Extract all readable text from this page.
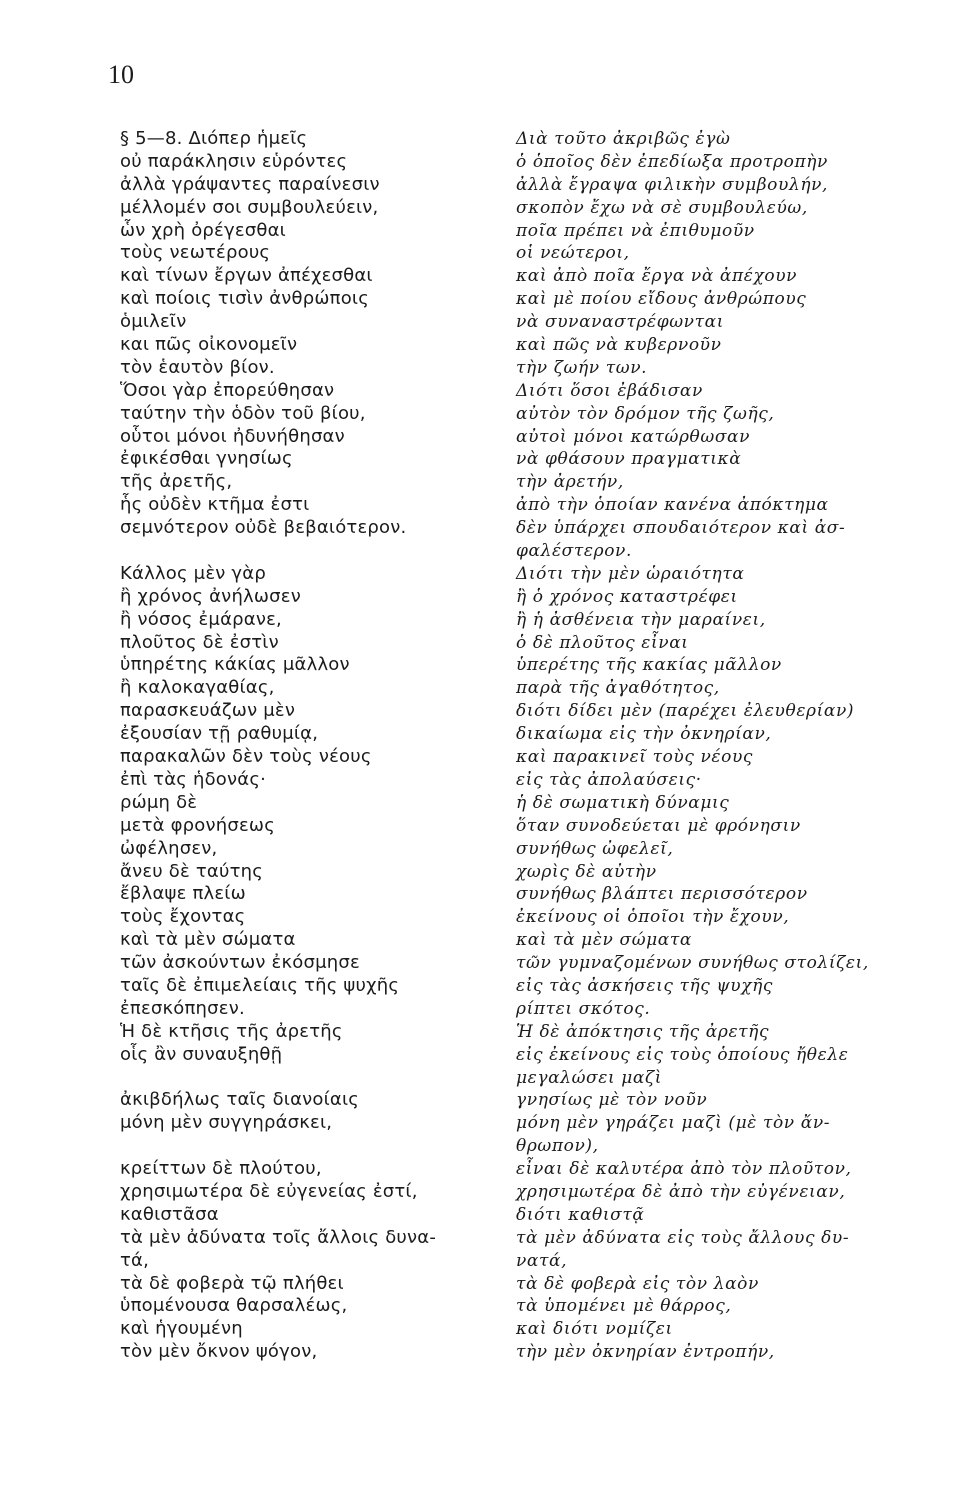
10
§ 5—8. Διόπερ ἡμεῖς
οὐ παράκλησιν εὑρόντες
ἀλλὰ γράψαντες παραίνεσιν
μέλλομέν σοι συμβουλεύειν,
ὧν χρὴ ὀρέγεσθαι
τοὺς νεωτέρους
καὶ τίνων ἔργων ἀπέχεσθαι
καὶ ποίοις τισὶν ἀνθρώποις
ὁμιλεῖν
και πῶς οἰκονομεῖν
τὸν ἑαυτὸν βίον.
Ὅσοι γὰρ ἐπορεύθησαν
ταύτην τὴν ὁδὸν τοῦ βίου,
οὗτοι μόνοι ἠδυνήθησαν
ἐφικέσθαι γνησίως
τῆς ἀρετῆς,
ἧς οὐδὲν κτῆμα ἐστι
σεμνότερον οὐδὲ βεβαιότερον.
Κάλλος μὲν γὰρ
ἢ χρόνος ἀνήλωσεν
ἢ νόσος ἐμάρανε,
πλοῦτος δὲ ἐστὶν
ὑπηρέτης κάκίας μᾶλλον
ἢ καλοκαγαθίας,
παρασκευάζων μὲν
ἐξουσίαν τῇ ραθυμίᾳ,
παρακαλῶν δὲν τοὺς νέους
ἐπὶ τὰς ἡδονάς·
ρώμη δὲ
μετὰ φρονήσεως
ὠφέλησεν,
ἄνευ δὲ ταύτης
ἔβλαψε πλείω
τοὺς ἔχοντας
καὶ τὰ μὲν σώματα
τῶν ἀσκούντων ἐκόσμησε
ταῖς δὲ ἐπιμελείαις τῆς ψυχῆς
ἐπεσκόπησεν.
Ἡ δὲ κτῆσις τῆς ἀρετῆς
οἷς ἂν συναυξηθῇ
ἀκιβδήλως ταῖς διανοίαις
μόνη μὲν συγγηράσκει,
κρείττων δὲ πλούτου,
χρησιμωτέρα δὲ εὐγενείας ἐστί,
καθιστᾶσα
τὰ μὲν ἀδύνατα τοῖς ἄλλοις δυνα-
τά,
τὰ δὲ φοβερὰ τῷ πλήθει
ὑπομένουσα θαρσαλέως,
καὶ ἡγουμένη
τὸν μὲν ὄκνον ψόγον,
Διὰ τοῦτο ἀκριβῶς ἐγὼ
ὁ ὁποῖος δὲν ἐπεδίωξα προτροπὴν
ἀλλὰ ἔγραψα φιλικὴν συμβουλήν,
σκοπὸν ἔχω νὰ σὲ συμβουλεύω,
ποῖα πρέπει νὰ ἐπιθυμοῦν
οἱ νεώτεροι,
καὶ ἀπὸ ποῖα ἔργα νὰ ἀπέχουν
καὶ μὲ ποίου εἴδους ἀνθρώπους
νὰ συναναστρέφωνται
καὶ πῶς νὰ κυβερνοῦν
τὴν ζωήν των.
Διότι ὅσοι ἐβάδισαν
αὐτὸν τὸν δρόμον τῆς ζωῆς,
αὐτοὶ μόνοι κατώρθωσαν
νὰ φθάσουν πραγματικὰ
τὴν ἀρετήν,
ἀπὸ τὴν ὁποίαν κανένα ἀπόκτημα
δὲν ὑπάρχει σπουδαιότερον καὶ ἀσ-
φαλέστερον.
Διότι τὴν μὲν ὡραιότητα
ἢ ὁ χρόνος καταστρέφει
ἢ ἡ ἀσθένεια τὴν μαραίνει,
ὁ δὲ πλοῦτος εἶναι
ὑπερέτης τῆς κακίας μᾶλλον
παρὰ τῆς ἀγαθότητος,
διότι δίδει μὲν (παρέχει ἐλευθερίαν)
δικαίωμα εἰς τὴν ὀκνηρίαν,
καὶ παρακινεῖ τοὺς νέους
εἰς τὰς ἀπολαύσεις·
ἡ δὲ σωματικὴ δύναμις
ὅταν συνοδεύεται μὲ φρόνησιν
συνήθως ὠφελεῖ,
χωρὶς δὲ αὐτὴν
συνήθως βλάπτει περισσότερον
ἐκείνους οἱ ὁποῖοι τὴν ἔχουν,
καὶ τὰ μὲν σώματα
τῶν γυμναζομένων συνήθως στολίζει,
εἰς τὰς ἀσκήσεις τῆς ψυχῆς
ρίπτει σκότος.
Ἡ δὲ ἀπόκτησις τῆς ἀρετῆς
εἰς ἐκείνους εἰς τοὺς ὁποίους ἤθελε
μεγαλώσει μαζὶ
γνησίως μὲ τὸν νοῦν
μόνη μὲν γηράζει μαζὶ (μὲ τὸν ἄν-
θρωπον),
εἶναι δὲ καλυτέρα ἀπὸ τὸν πλοῦτον,
χρησιμωτέρα δὲ ἀπὸ τὴν εὐγένειαν,
διότι καθιστᾷ
τὰ μὲν ἀδύνατα εἰς τοὺς ἄλλους δυ-
νατά,
τὰ δὲ φοβερὰ εἰς τὸν λαὸν
τὰ ὑπομένει μὲ θάρρος,
καὶ διότι νομίζει
τὴν μὲν ὀκνηρίαν ἐντροπήν,
